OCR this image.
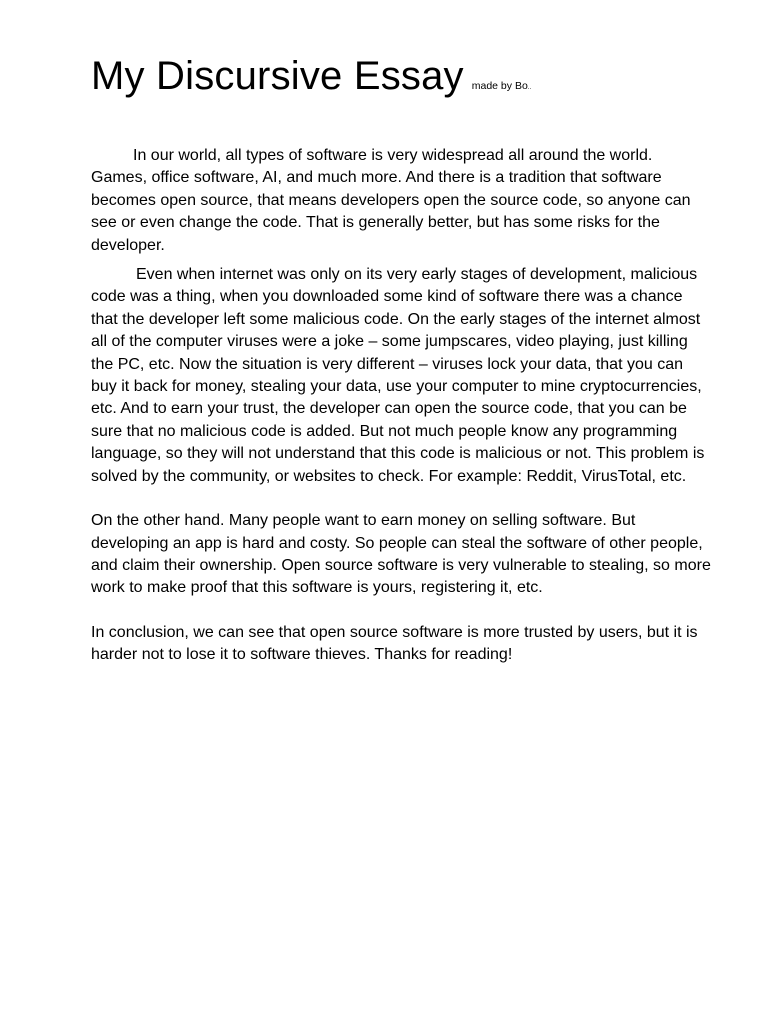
My Discursive Essay made by Bo..

In our world, all types of software is very widespread all around the world. Games, office software, AI, and much more. And there is a tradition that software becomes open source, that means developers open the source code, so anyone can see or even change the code. That is generally better, but has some risks for the developer.

Even when internet was only on its very early stages of development, malicious code was a thing, when you downloaded some kind of software there was a chance that the developer left some malicious code. On the early stages of the internet almost all of the computer viruses were a joke – some jumpscares, video playing, just killing the PC, etc. Now the situation is very different – viruses lock your data, that you can buy it back for money, stealing your data, use your computer to mine cryptocurrencies, etc. And to earn your trust, the developer can open the source code, that you can be sure that no malicious code is added. But not much people know any programming language, so they will not understand that this code is malicious or not. This problem is solved by the community, or websites to check. For example: Reddit, VirusTotal, etc.

On the other hand. Many people want to earn money on selling software. But developing an app is hard and costy. So people can steal the software of other people, and claim their ownership. Open source software is very vulnerable to stealing, so more work to make proof that this software is yours, registering it, etc.

In conclusion, we can see that open source software is more trusted by users, but it is harder not to lose it to software thieves. Thanks for reading!
